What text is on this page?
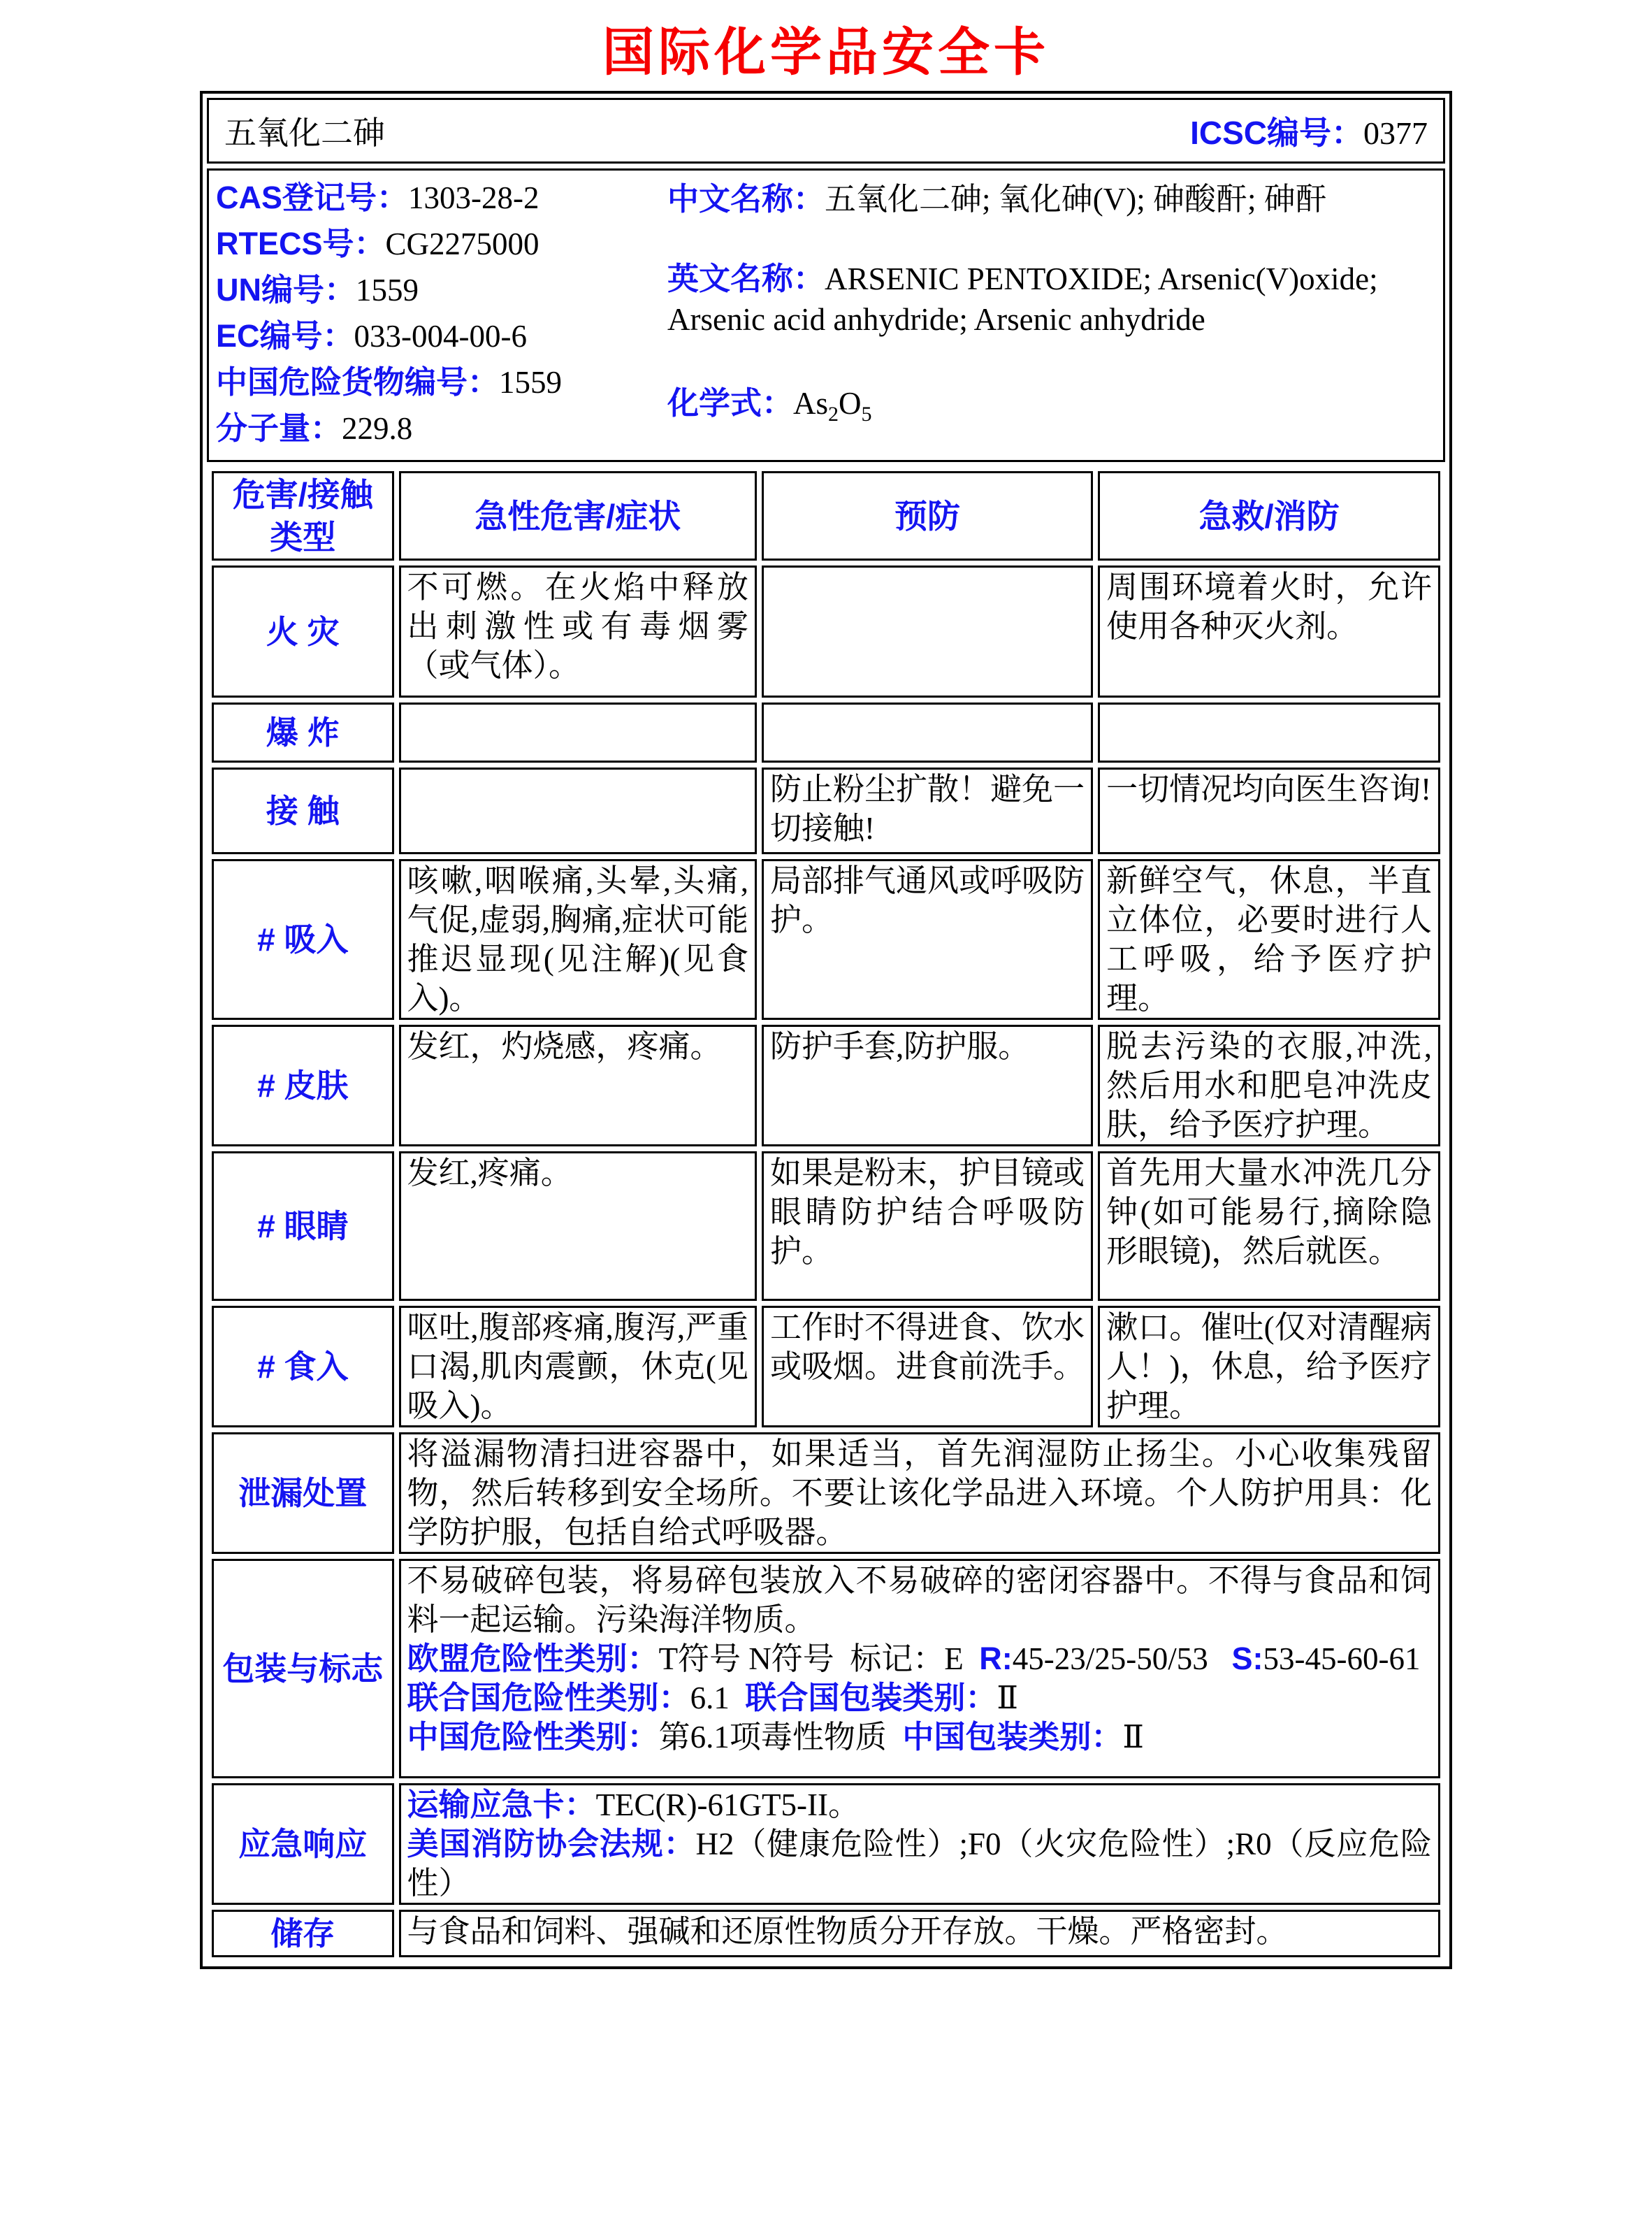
国际化学品安全卡
五氧化二砷	ICSC编号：0377
CAS登记号：1303-28-2
RTECS号：CG2275000
UN编号：1559
EC编号：033-004-00-6
中国危险货物编号：1559
分子量：229.8
中文名称：五氧化二砷; 氧化砷(V); 砷酸酐; 砷酐
英文名称：ARSENIC PENTOXIDE; Arsenic(V)oxide; Arsenic acid anhydride; Arsenic anhydride
化学式：$As_2O_5$
危害/接触类型	急性危害/症状	预防	急救/消防
火 灾	不可燃。在火焰中释放出刺激性或有毒烟雾（或气体）。		周围环境着火时，允许使用各种灭火剂。
爆 炸			
接 触		防止粉尘扩散！避免一切接触!	一切情况均向医生咨询!
# 吸入	咳嗽,咽喉痛,头晕,头痛,气促,虚弱,胸痛,症状可能推迟显现(见注解)(见食入)。	局部排气通风或呼吸防护。	新鲜空气，休息，半直立体位，必要时进行人工呼吸，给予医疗护理。
# 皮肤	发红，灼烧感，疼痛。	防护手套,防护服。	脱去污染的衣服,冲洗,然后用水和肥皂冲洗皮肤，给予医疗护理。
# 眼睛	发红,疼痛。	如果是粉末，护目镜或眼睛防护结合呼吸防护。	首先用大量水冲洗几分钟(如可能易行,摘除隐形眼镜)，然后就医。
# 食入	呕吐,腹部疼痛,腹泻,严重口渴,肌肉震颤，休克(见吸入)。	工作时不得进食、饮水或吸烟。进食前洗手。	漱口。催吐(仅对清醒病人！)，休息，给予医疗护理。
泄漏处置	将溢漏物清扫进容器中，如果适当，首先润湿防止扬尘。小心收集残留物，然后转移到安全场所。不要让该化学品进入环境。个人防护用具：化学防护服，包括自给式呼吸器。		
包装与标志	不易破碎包装，将易碎包装放入不易破碎的密闭容器中。不得与食品和饲料一起运输。污染海洋物质。
欧盟危险性类别：T符号 N符号  标记：E  R:45-23/25-50/53   S:53-45-60-61
联合国危险性类别：6.1 联合国包装类别：Ⅱ
中国危险性类别：第6.1项毒性物质 中国包装类别：Ⅱ		

应急响应	运输应急卡：TEC(R)-61GT5-II。
美国消防协会法规：H2（健康危险性）;F0（火灾危险性）;R0（反应危险性）		

储存	与食品和饲料、强碱和还原性物质分开存放。干燥。严格密封。		
